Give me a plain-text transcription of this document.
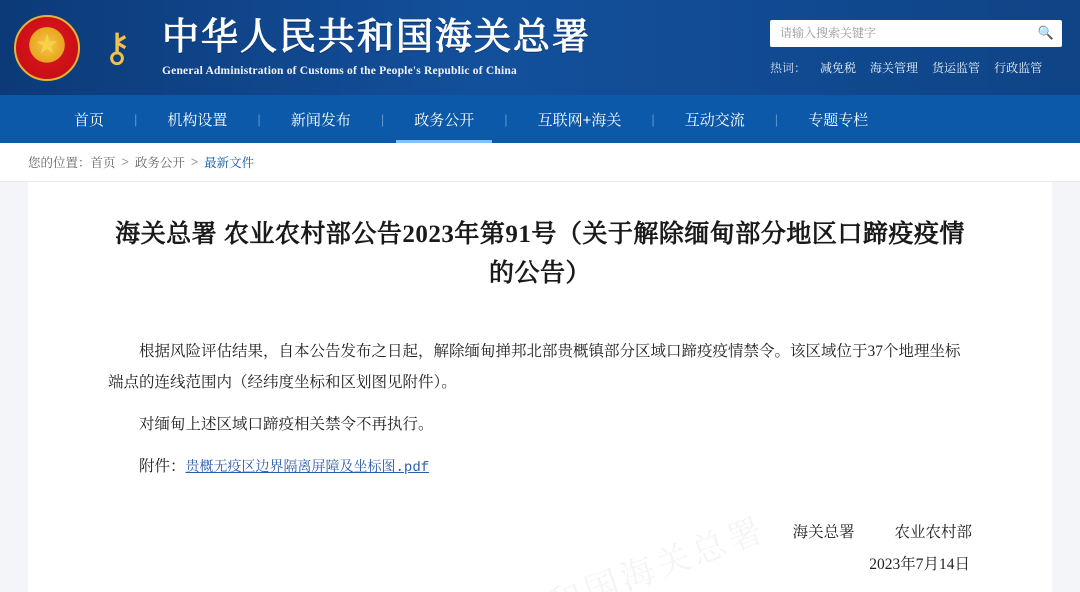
★
⚷ 中华人民共和国海关总署
General Administration of Customs of the People's Republic of China
请输入搜索关键字
🔍
热词： 减免税 海关管理 货运监管 行政监管
首页	|	机构设置	|	新闻发布	|	政务公开	|	互联网+海关	|	互动交流	|	专题专栏
您的位置： 首页 > 政务公开 > 最新文件
海关总署 农业农村部公告2023年第91号（关于解除缅甸部分地区口蹄疫疫情的公告）

根据风险评估结果，自本公告发布之日起，解除缅甸掸邦北部贵概镇部分区域口蹄疫疫情禁令。该区域位于37个地理坐标端点的连线范围内（经纬度坐标和区划图见附件）。

对缅甸上述区域口蹄疫相关禁令不再执行。

附件：贵概无疫区边界隔离屏障及坐标图.pdf

海关总署	农业农村部
2023年7月14日
